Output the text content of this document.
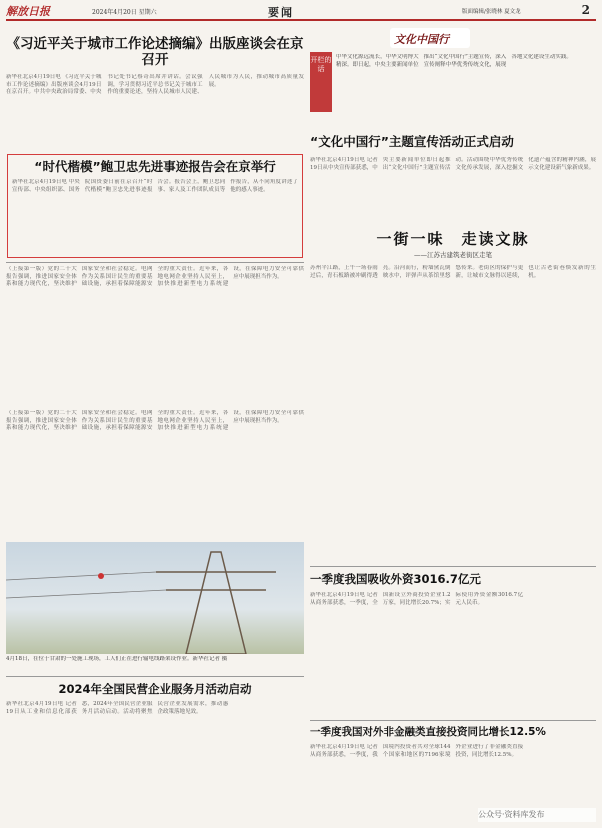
解放日报	2024年4月20日 星期六	要闻	版面编辑/张晓林 夏文龙	2
《习近平关于城市工作论述摘编》出版座谈会在京召开
新华社北京4月19日电 《习近平关于城市工作论述摘编》出版座谈会4月19日在京召开。中共中央政治局常委、中央书记处书记蔡奇出席并讲话。会议强调，学习贯彻习近平总书记关于城市工作的重要论述，坚持人民城市人民建、人民城市为人民，推动城市高质量发展。
“时代楷模”鲍卫忠先进事迹报告会在京举行
新华社北京4月19日电 中央宣传部、中央组织部、国务院国资委日前在京召开“时代楷模”鲍卫忠先进事迹报告会。报告会上，鲍卫忠同事、家人及工作团队成员等作报告，从不同角度讲述了他的感人事迹。
文化中国行
开栏的话
中华文化源远流长，中华文明博大精深。即日起，中央主要新闻单位推出“文化中国行”主题宣传，深入宣传阐释中华优秀传统文化，展现各地文化建设生动实践。
“文化中国行”主题宣传活动正式启动
新华社北京4月19日电 记者19日从中央宣传部获悉，中央主要新闻单位即日起推出“文化中国行”主题宣传活动。活动围绕中华优秀传统文化传承发展，深入挖掘文化遗产蕴含的精神内涵，展示文化建设新气象新成果。
（上接第一版）党的二十大报告强调，推进国家安全体系和能力现代化，坚决维护国家安全和社会稳定。电网作为关系国计民生的重要基础设施，承担着保障能源安全的重大责任。近年来，各地电网企业坚持人民至上，加快推进新型电力系统建设，在保障电力安全可靠供应中展现担当作为。
（上接第一版）党的二十大报告强调，推进国家安全体系和能力现代化，坚决维护国家安全和社会稳定。电网作为关系国计民生的重要基础设施，承担着保障能源安全的重大责任。近年来，各地电网企业坚持人民至上，加快推进新型电力系统建设，在保障电力安全可靠供应中展现担当作为。
4月18日，在位于甘肃的一处施工现场，工人们正在进行输电线路架设作业。新华社记者 摄
一街一味　走读文脉
——江苏古建筑老街区走笔
苏州平江路，上午一场春雨过后，青石板路被冲刷得透亮。沿河而行，粉墙黛瓦倒映水中，评弹声从茶馆里悠悠传来。老街区的保护与更新，让城市文脉得以延续，也让古老街巷焕发新的生机。
一季度我国吸收外资3016.7亿元
新华社北京4月19日电 记者从商务部获悉，一季度，全国新设立外商投资企业1.2万家，同比增长20.7%；实际使用外资金额3016.7亿元人民币。
2024年全国民营企业服务月活动启动
新华社北京4月19日电 记者19日从工业和信息化部获悉，2024年全国民营企业服务月活动启动。活动将聚焦民营企业发展需求，推动惠企政策落地见效。
一季度我国对外非金融类直接投资同比增长12.5%
新华社北京4月19日电 记者从商务部获悉，一季度，我国境内投资者共对全球144个国家和地区的7196家境外企业进行了非金融类直接投资，同比增长12.5%。
公众号·资料库发布
